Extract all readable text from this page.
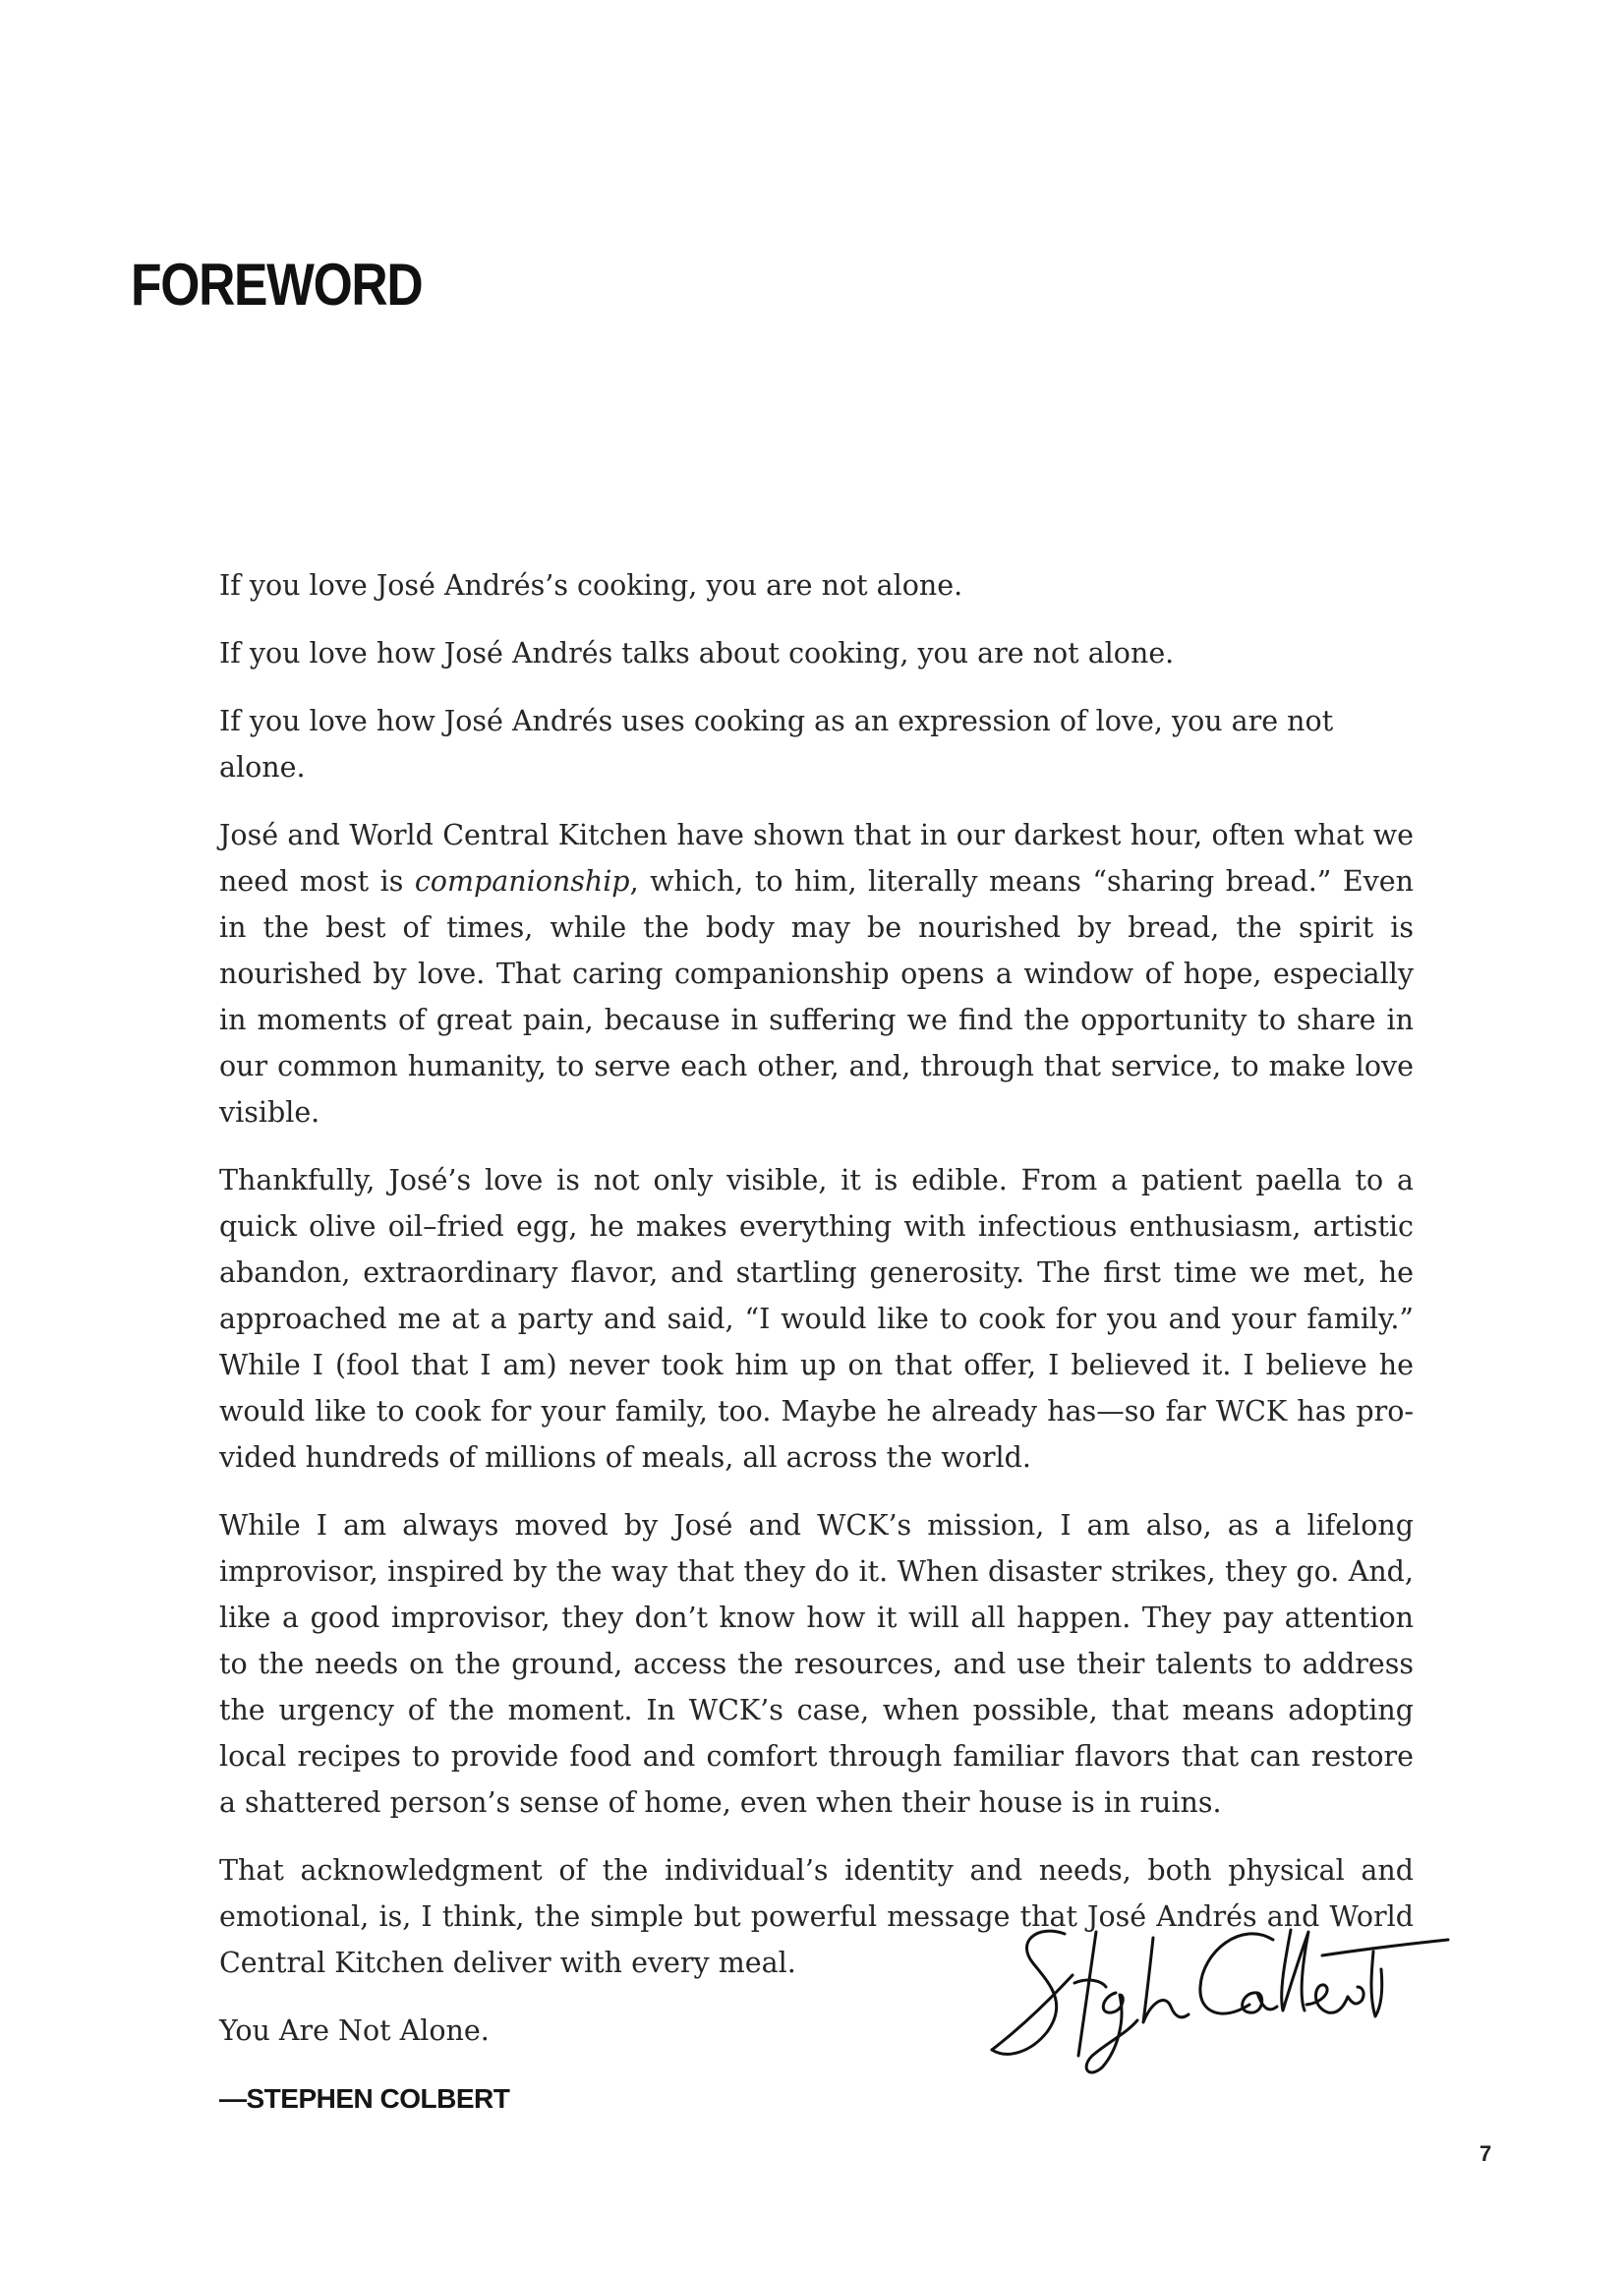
FOREWORD

If you love José Andrés’s cooking, you are not alone.

If you love how José Andrés talks about cooking, you are not alone.

If you love how José Andrés uses cooking as an expression of love, you are not alone.

José and World Central Kitchen have shown that in our darkest hour, often what we need most is companionship, which, to him, literally means “sharing bread.” Even in the best of times, while the body may be nourished by bread, the spirit is nourished by love. That caring companionship opens a window of hope, especially in moments of great pain, because in suffering we find the opportunity to share in our common humanity, to serve each other, and, through that service, to make love visible.

Thankfully, José’s love is not only visible, it is edible. From a patient paella to a quick olive oil–fried egg, he makes everything with infectious enthusiasm, artistic abandon, extraordinary flavor, and startling generosity. The first time we met, he approached me at a party and said, “I would like to cook for you and your family.” While I (fool that I am) never took him up on that offer, I believed it. I believe he would like to cook for your family, too. Maybe he already has—so far WCK has provided hundreds of millions of meals, all across the world.

While I am always moved by José and WCK’s mission, I am also, as a lifelong improvisor, inspired by the way that they do it. When disaster strikes, they go. And, like a good improvisor, they don’t know how it will all happen. They pay attention to the needs on the ground, access the resources, and use their talents to address the urgency of the moment. In WCK’s case, when possible, that means adopting local recipes to provide food and comfort through familiar flavors that can restore a shattered person’s sense of home, even when their house is in ruins.

That acknowledgment of the individual’s identity and needs, both physical and emotional, is, I think, the simple but powerful message that José Andrés and World Central Kitchen deliver with every meal.

You Are Not Alone.

—STEPHEN COLBERT
7
